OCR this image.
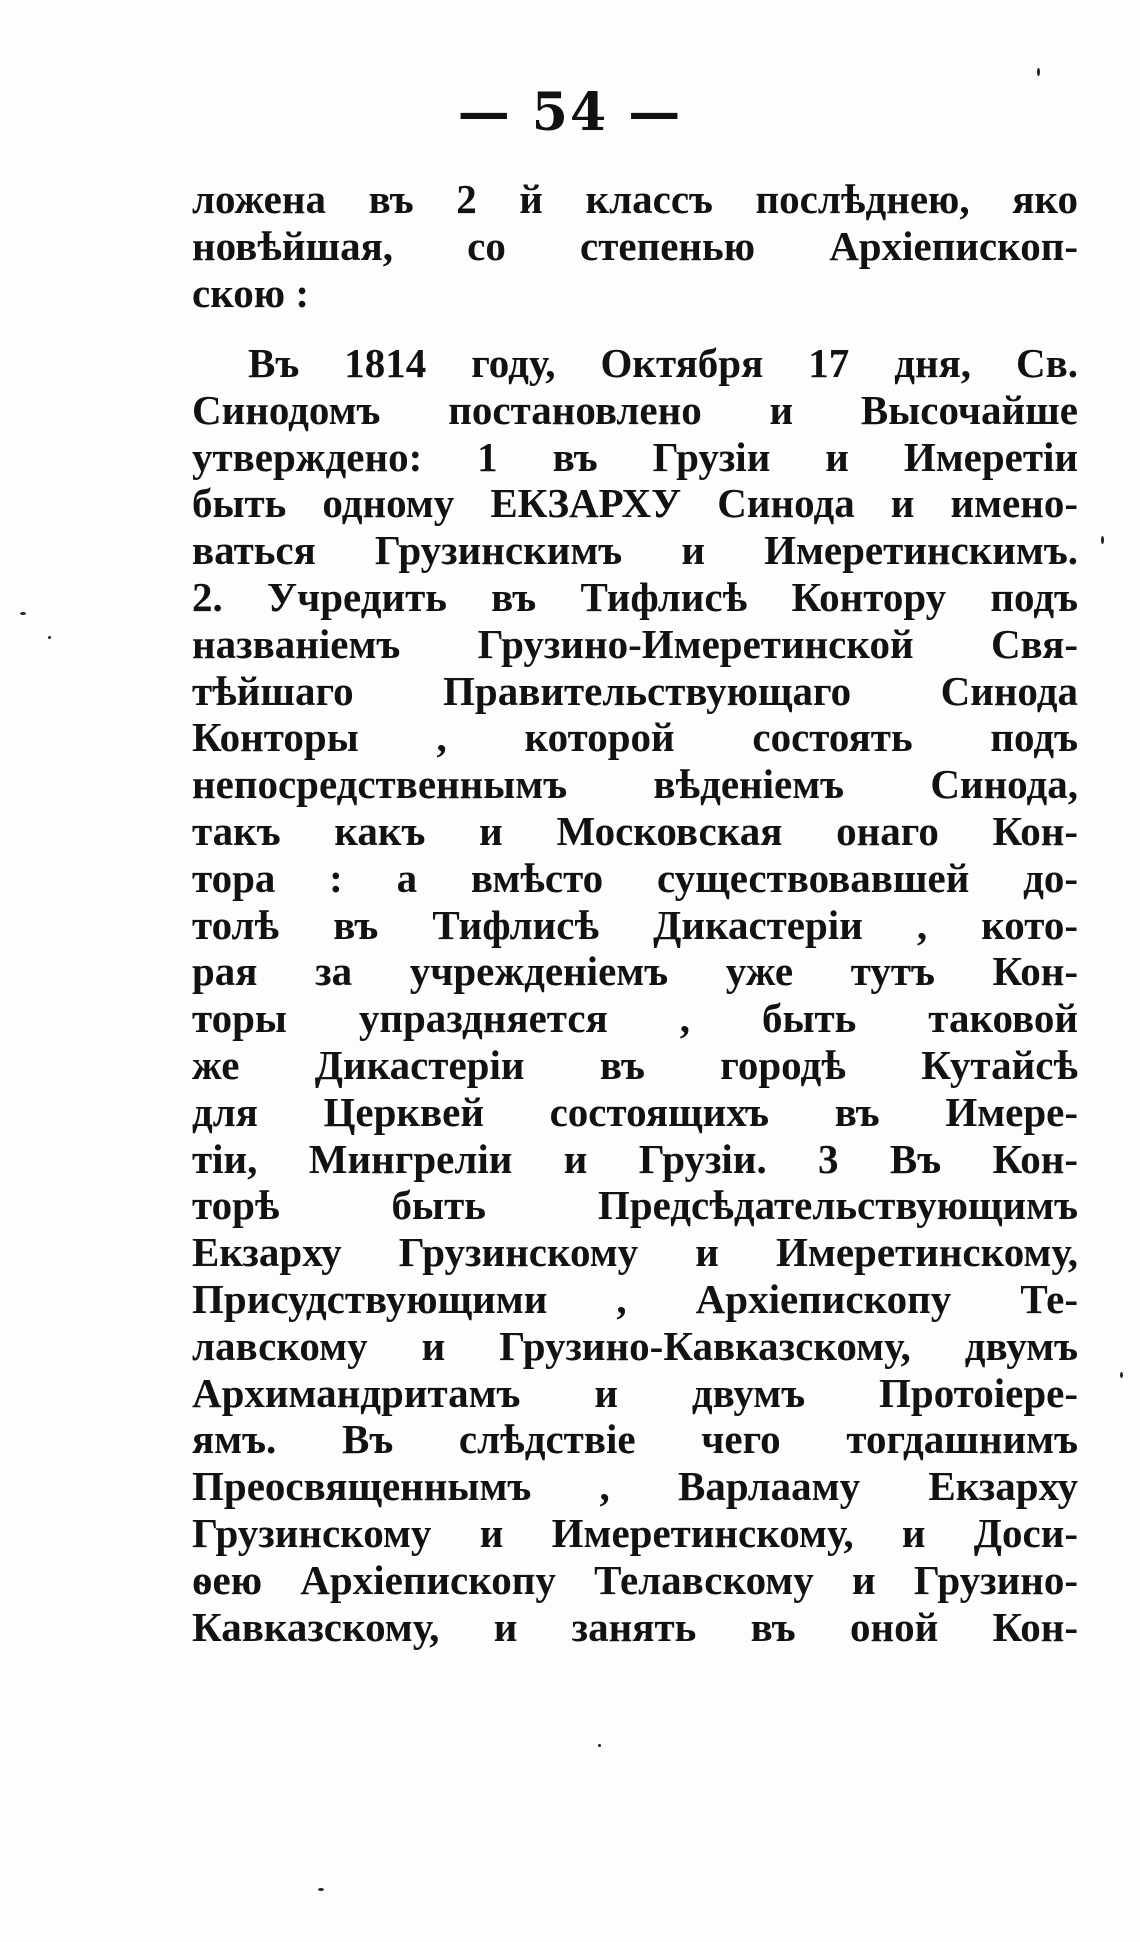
— 54 —
ложена въ 2 й классъ послѣднею, яко
новѣйшая, со степенью Архіепископ-
скою :
Въ 1814 году, Октября 17 дня, Св.
Синодомъ постановлено и Высочайше
утверждено: 1 въ Грузіи и Имеретіи
быть одному ЕКЗАРХУ Синода и имено-
ваться Грузинскимъ и Имеретинскимъ.
2. Учредить въ Тифлисѣ Контору подъ
названіемъ Грузино-Имеретинской Свя-
тѣйшаго Правительствующаго Синода
Конторы , которой состоять подъ
непосредственнымъ вѣденіемъ Синода,
такъ какъ и Московская онаго Кон-
тора : а вмѣсто существовавшей до-
толѣ въ Тифлисѣ Дикастеріи , кото-
рая за учрежденіемъ уже тутъ Кон-
торы упраздняется , быть таковой
же Дикастеріи въ городѣ Кутайсѣ
для Церквей состоящихъ въ Имере-
тіи, Мингреліи и Грузіи. 3 Въ Кон-
торѣ быть Предсѣдательствующимъ
Екзарху Грузинскому и Имеретинскому,
Присудствующими , Архіепископу Те-
лавскому и Грузино-Кавказскому, двумъ
Архимандритамъ и двумъ Протоіере-
ямъ. Въ слѣдствіе чего тогдашнимъ
Преосвященнымъ , Варлааму Екзарху
Грузинскому и Имеретинскому, и Доси-
ѳею Архіепископу Телавскому и Грузино-
Кавказскому, и занять въ оной Кон-
